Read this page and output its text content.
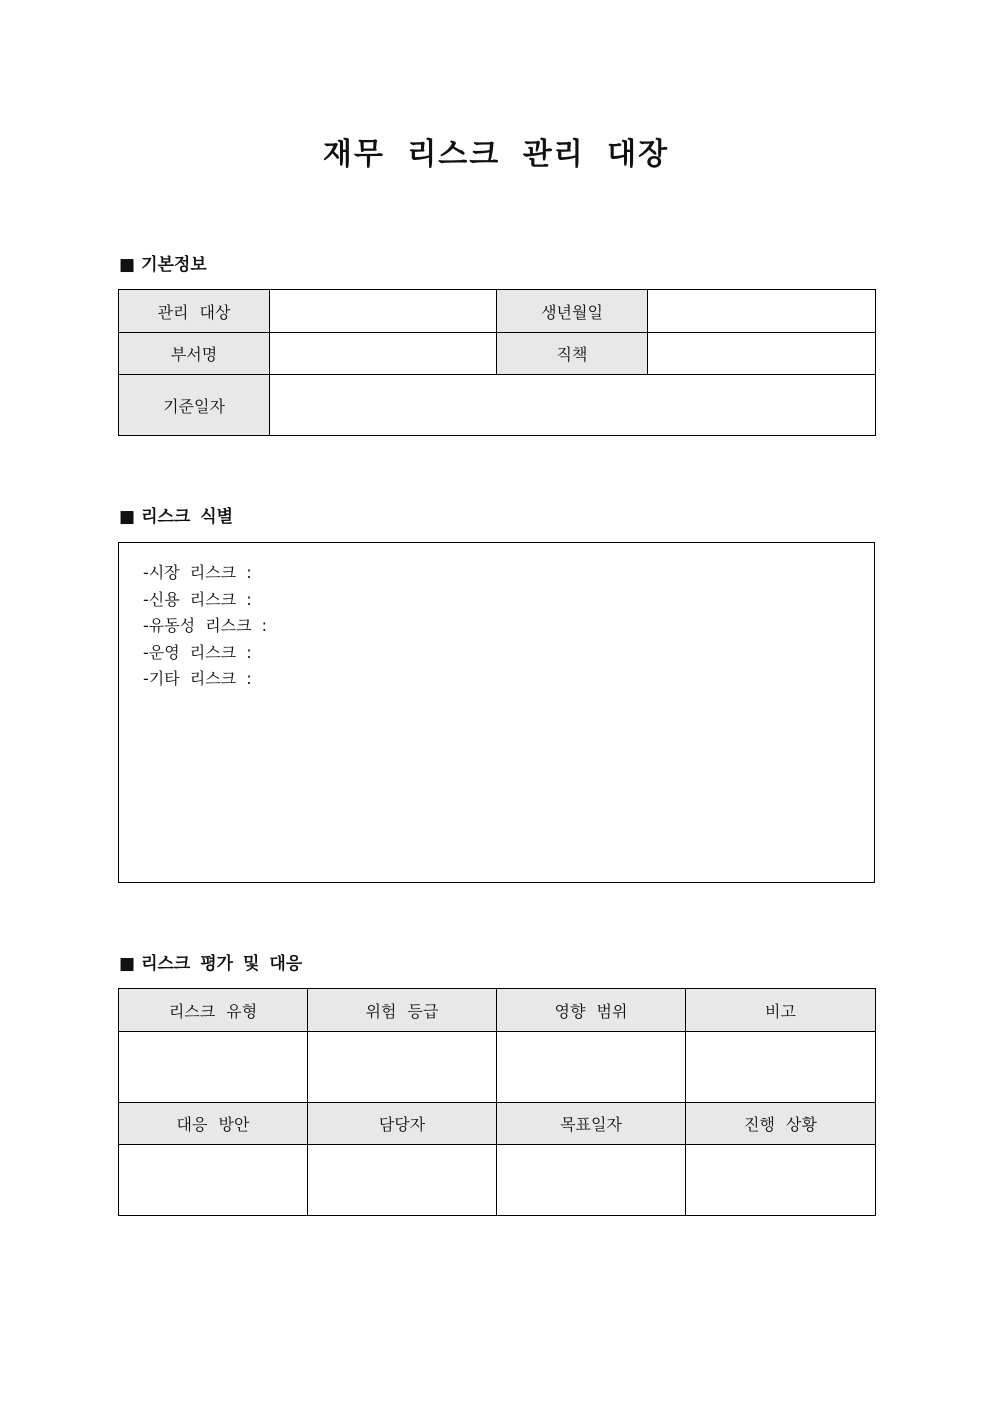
재무 리스크 관리 대장
■ 기본정보
관리 대상		생년월일	
부서명		직책	
기준일자			
■ 리스크 식별
-시장 리스크 :
-신용 리스크 :
-유동성 리스크 :
-운영 리스크 :
-기타 리스크 :
■ 리스크 평가 및 대응
리스크 유형	위험 등급	영향 범위	비고

대응 방안	담당자	목표일자	진행 상황
